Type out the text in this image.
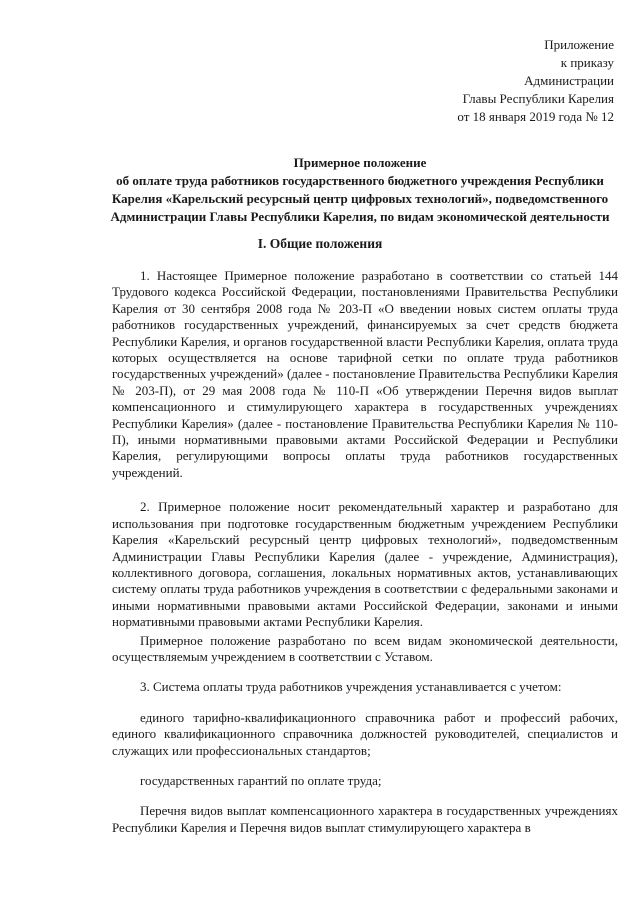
Приложение
к приказу
Администрации
Главы Республики Карелия
от 18 января 2019 года № 12
Примерное положение
об оплате труда работников государственного бюджетного учреждения Республики
Карелия «Карельский ресурсный центр цифровых технологий», подведомственного
Администрации Главы Республики Карелия, по видам экономической деятельности
I. Общие положения

1. Настоящее Примерное положение разработано в соответствии со статьей 144 Трудового кодекса Российской Федерации, постановлениями Правительства Республики Карелия от 30 сентября 2008 года № 203-П «О введении новых систем оплаты труда работников государственных учреждений, финансируемых за счет средств бюджета Республики Карелия, и органов государственной власти Республики Карелия, оплата труда которых осуществляется на основе тарифной сетки по оплате труда работников государственных учреждений» (далее - постановление Правительства Республики Карелия № 203-П), от 29 мая 2008 года № 110-П «Об утверждении Перечня видов выплат компенсационного и стимулирующего характера в государственных учреждениях Республики Карелия» (далее - постановление Правительства Республики Карелия № 110-П), иными нормативными правовыми актами Российской Федерации и Республики Карелия, регулирующими вопросы оплаты труда работников государственных учреждений.

2. Примерное положение носит рекомендательный характер и разработано для использования при подготовке государственным бюджетным учреждением Республики Карелия «Карельский ресурсный центр цифровых технологий», подведомственным Администрации Главы Республики Карелия (далее - учреждение, Администрация), коллективного договора, соглашения, локальных нормативных актов, устанавливающих систему оплаты труда работников учреждения в соответствии с федеральными законами и иными нормативными правовыми актами Российской Федерации, законами и иными нормативными правовыми актами Республики Карелия.

Примерное положение разработано по всем видам экономической деятельности, осуществляемым учреждением в соответствии с Уставом.

3. Система оплаты труда работников учреждения устанавливается с учетом:

единого тарифно-квалификационного справочника работ и профессий рабочих, единого квалификационного справочника должностей руководителей, специалистов и служащих или профессиональных стандартов;

государственных гарантий по оплате труда;

Перечня видов выплат компенсационного характера в государственных учреждениях Республики Карелия и Перечня видов выплат стимулирующего характера в
